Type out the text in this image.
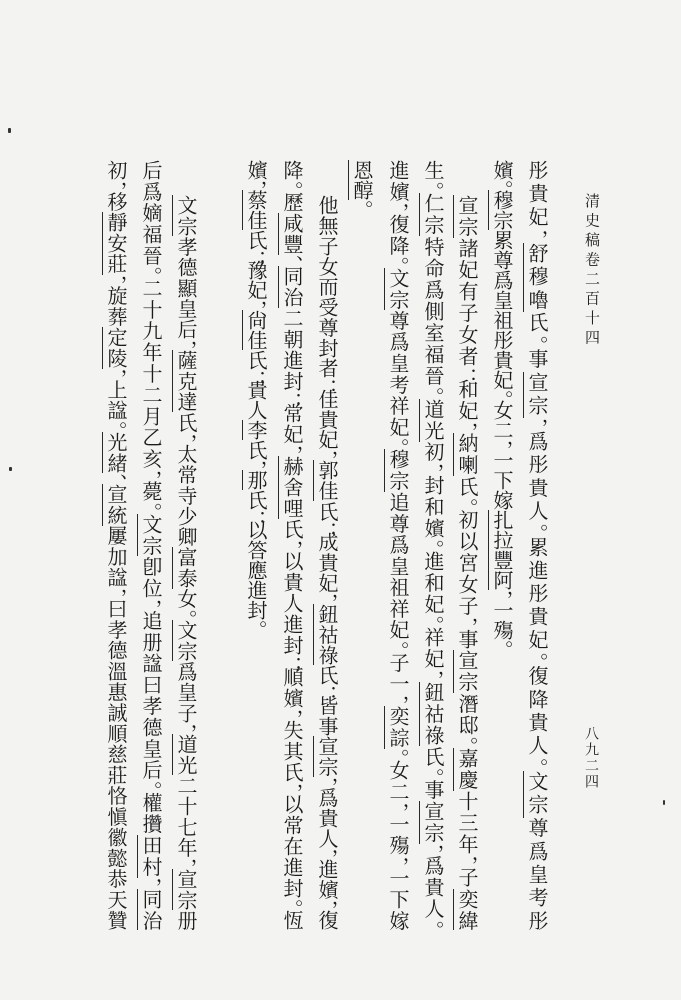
清史稿卷二百十四
八九二四
彤貴妃，舒穆嚕氏。事宣宗，爲彤貴人。累進彤貴妃。復降貴人。文宗尊爲皇考彤
嬪。穆宗累尊爲皇祖彤貴妃。女二，一下嫁扎拉豐阿，一殤。
宣宗諸妃有子女者：和妃，納喇氏。初以宮女子，事宣宗潛邸。嘉慶十三年，子奕緯
生。仁宗特命爲側室福晉。道光初，封和嬪。進和妃。祥妃，鈕祜祿氏。事宣宗，爲貴人。
進嬪，復降。文宗尊爲皇考祥妃。穆宗追尊爲皇祖祥妃。子一，奕誴。女二，一殤，一下嫁
恩醇。
他無子女而受尊封者：佳貴妃，郭佳氏；成貴妃，鈕祜祿氏：皆事宣宗，爲貴人，進嬪，復
降。歷咸豐、同治二朝進封：常妃，赫舍哩氏，以貴人進封；順嬪，失其氏，以常在進封。恆
嬪，蔡佳氏；豫妃，尙佳氏；貴人李氏，那氏：以答應進封。
文宗孝德顯皇后，薩克達氏，太常寺少卿富泰女。文宗爲皇子，道光二十七年，宣宗册
后爲嫡福晉。二十九年十二月乙亥，薨。文宗卽位，追册諡曰孝德皇后。權攢田村，同治
初，移靜安莊，旋葬定陵，上諡。光緒、宣統屢加諡，曰孝德溫惠誠順慈莊恪愼徽懿恭天贊
